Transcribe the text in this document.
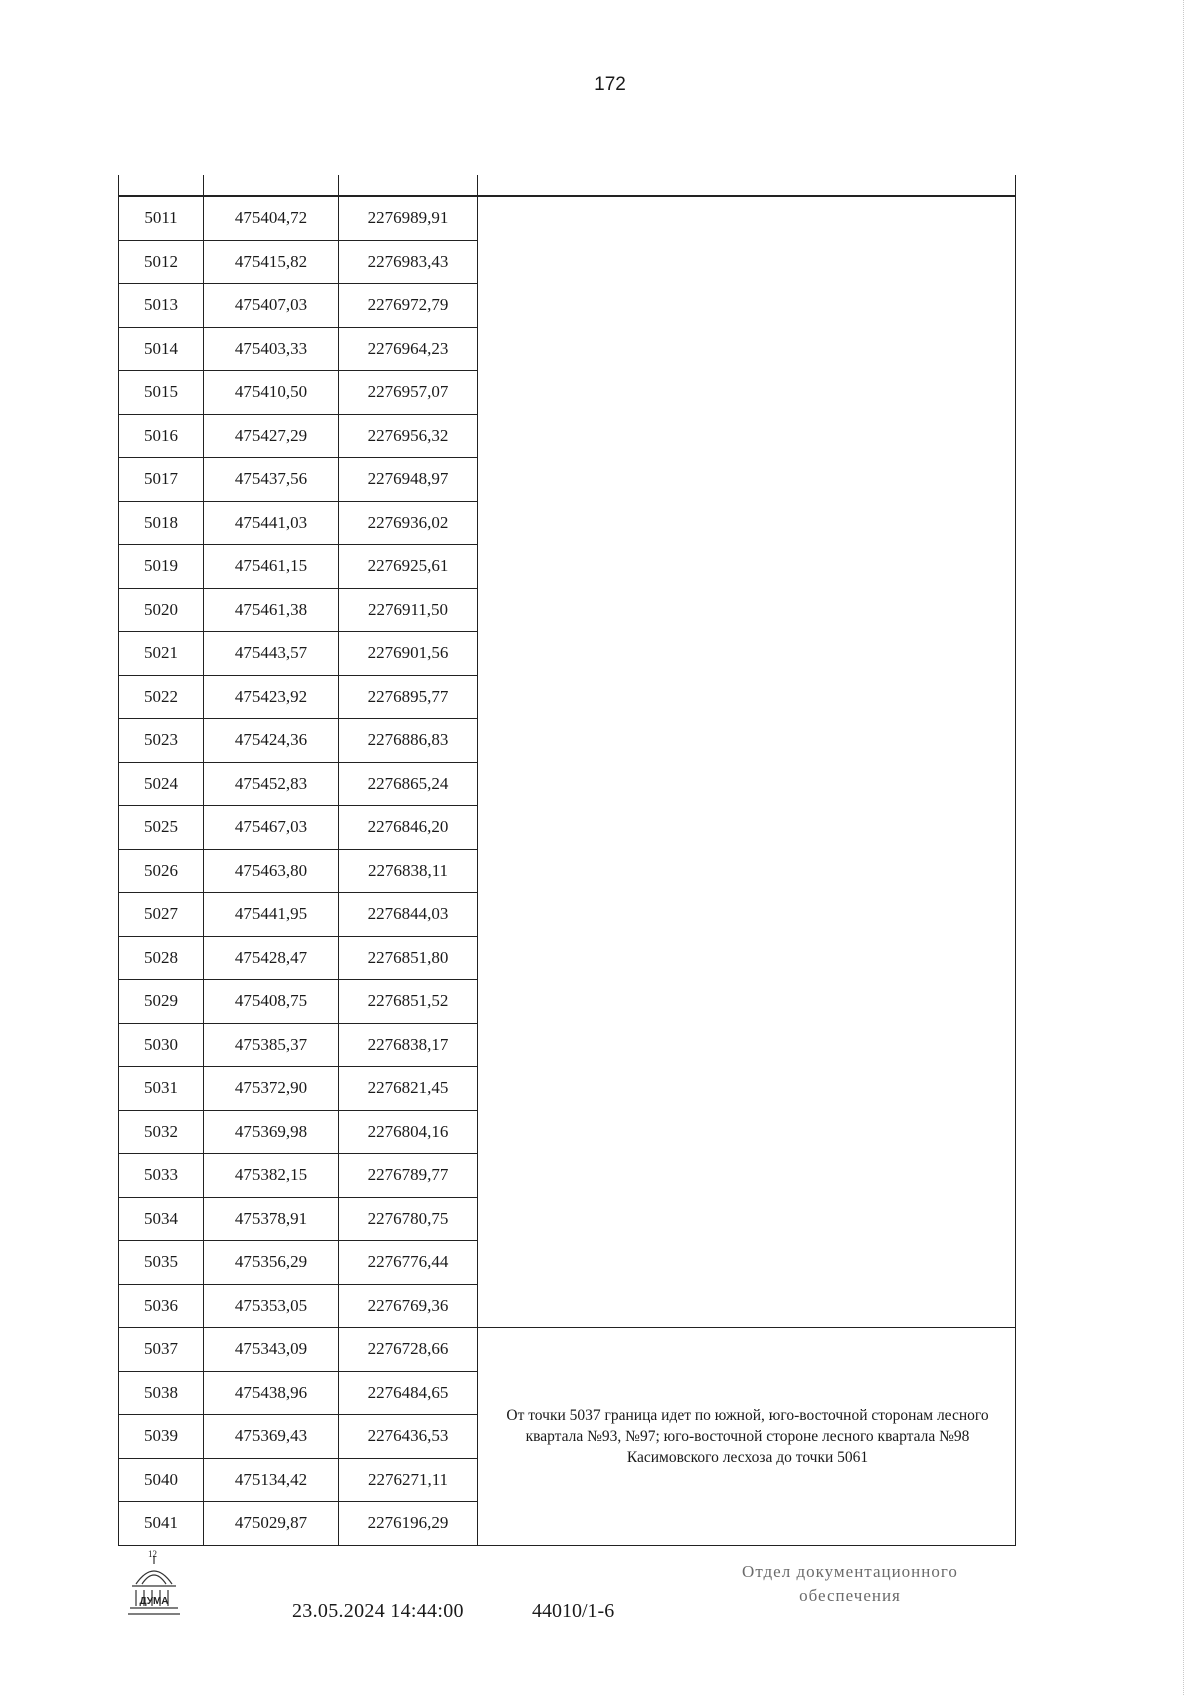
172
5011	475404,72	2276989,91	
5012	475415,82	2276983,43	
5013	475407,03	2276972,79	
5014	475403,33	2276964,23	
5015	475410,50	2276957,07	
5016	475427,29	2276956,32	
5017	475437,56	2276948,97	
5018	475441,03	2276936,02	
5019	475461,15	2276925,61	
5020	475461,38	2276911,50	
5021	475443,57	2276901,56	
5022	475423,92	2276895,77	
5023	475424,36	2276886,83	
5024	475452,83	2276865,24	
5025	475467,03	2276846,20	
5026	475463,80	2276838,11	
5027	475441,95	2276844,03	
5028	475428,47	2276851,80	
5029	475408,75	2276851,52	
5030	475385,37	2276838,17	
5031	475372,90	2276821,45	
5032	475369,98	2276804,16	
5033	475382,15	2276789,77	
5034	475378,91	2276780,75	
5035	475356,29	2276776,44	
5036	475353,05	2276769,36	
5037	475343,09	2276728,66	От точки 5037 граница идет по южной, юго-восточной сторонам лесного квартала №93, №97; юго-восточной стороне лесного квартала №98 Касимовского лесхоза до точки 5061
5038	475438,96	2276484,65	
5039	475369,43	2276436,53	
5040	475134,42	2276271,11	
5041	475029,87	2276196,29	
ДУМА
12
23.05.2024 14:44:00	44010/1-6
Отдел документационного
обеспечения
